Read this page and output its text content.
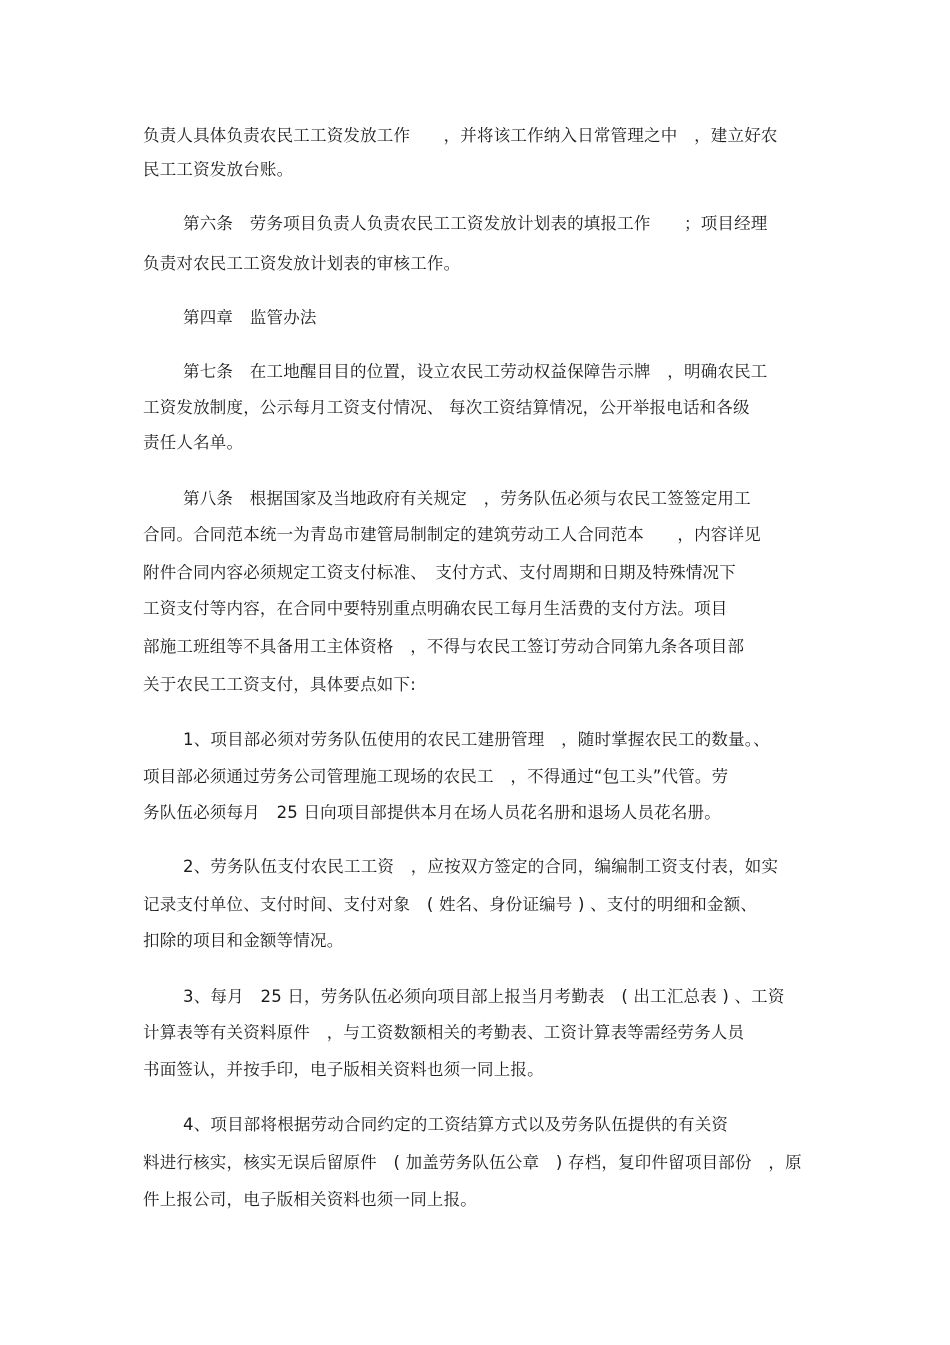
负责人具体负责农民工工资发放工作　　，并将该工作纳入日常管理之中　，建立好农
民工工资发放台账。
第六条　劳务项目负责人负责农民工工资发放计划表的填报工作　　；项目经理
负责对农民工工资发放计划表的审核工作。
第四章　监管办法
第七条　在工地醒目目的位置，设立农民工劳动权益保障告示牌　，明确农民工
工资发放制度，公示每月工资支付情况、 每次工资结算情况，公开举报电话和各级
责任人名单。
第八条　根据国家及当地政府有关规定　，劳务队伍必须与农民工签签定用工
合同。合同范本统一为青岛市建管局制制定的建筑劳动工人合同范本　　，内容详见
附件合同内容必须规定工资支付标准、　支付方式、支付周期和日期及特殊情况下
工资支付等内容，在合同中要特别重点明确农民工每月生活费的支付方法。项目
部施工班组等不具备用工主体资格　，不得与农民工签订劳动合同第九条各项目部
关于农民工工资支付，具体要点如下:
1、项目部必须对劳务队伍使用的农民工建册管理　，随时掌握农民工的数量。、
项目部必须通过劳务公司管理施工现场的农民工　，不得通过“包工头”代管。劳
务队伍必须每月　25 日向项目部提供本月在场人员花名册和退场人员花名册。
2、劳务队伍支付农民工工资　，应按双方签定的合同，编编制工资支付表，如实
记录支付单位、支付时间、支付对象　( 姓名、身份证编号 ) 、支付的明细和金额、
扣除的项目和金额等情况。
3、每月　25 日，劳务队伍必须向项目部上报当月考勤表　( 出工汇总表 ) 、工资
计算表等有关资料原件　，与工资数额相关的考勤表、工资计算表等需经劳务人员
书面签认，并按手印，电子版相关资料也须一同上报。
4、项目部将根据劳动合同约定的工资结算方式以及劳务队伍提供的有关资
料进行核实，核实无误后留原件　( 加盖劳务队伍公章　) 存档，复印件留项目部份　，原
件上报公司，电子版相关资料也须一同上报。
